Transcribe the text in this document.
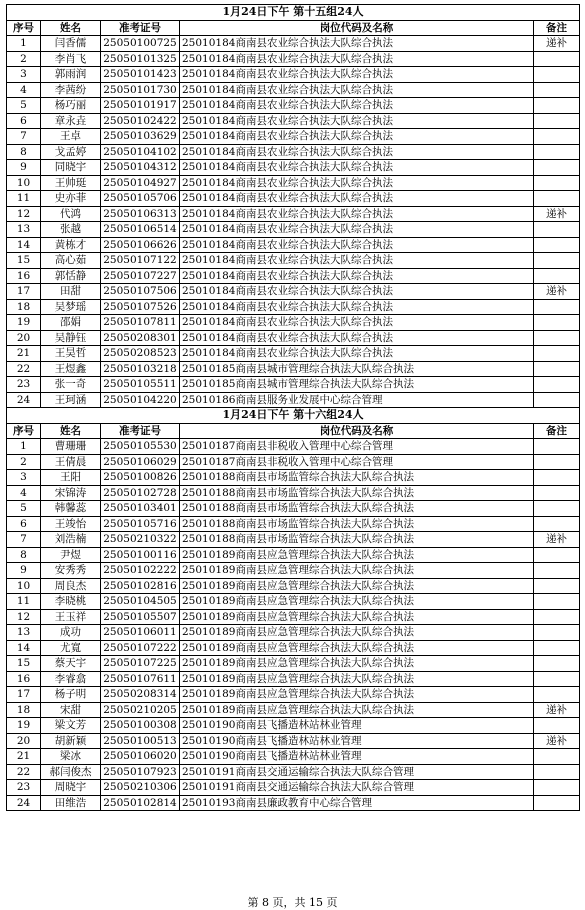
1月24日下午 第十五组24人				
序号	姓名	准考证号	岗位代码及名称	备注
1	闫香儒	25050100725	25010184商南县农业综合执法大队综合执法	递补
2	李肖飞	25050101325	25010184商南县农业综合执法大队综合执法	
3	郭雨润	25050101423	25010184商南县农业综合执法大队综合执法	
4	李茜纷	25050101730	25010184商南县农业综合执法大队综合执法	
5	杨巧丽	25050101917	25010184商南县农业综合执法大队综合执法	
6	章永垚	25050102422	25010184商南县农业综合执法大队综合执法	
7	王卓	25050103629	25010184商南县农业综合执法大队综合执法	
8	戈孟婷	25050104102	25010184商南县农业综合执法大队综合执法	
9	同晓宇	25050104312	25010184商南县农业综合执法大队综合执法	
10	王帅珽	25050104927	25010184商南县农业综合执法大队综合执法	
11	史亦菲	25050105706	25010184商南县农业综合执法大队综合执法	
12	代鸿	25050106313	25010184商南县农业综合执法大队综合执法	递补
13	张越	25050106514	25010184商南县农业综合执法大队综合执法	
14	黄栋才	25050106626	25010184商南县农业综合执法大队综合执法	
15	高心茹	25050107122	25010184商南县农业综合执法大队综合执法	
16	郭恬静	25050107227	25010184商南县农业综合执法大队综合执法	
17	田甜	25050107506	25010184商南县农业综合执法大队综合执法	递补
18	吴梦瑶	25050107526	25010184商南县农业综合执法大队综合执法	
19	邵娟	25050107811	25010184商南县农业综合执法大队综合执法	
20	吴静钰	25050208301	25010184商南县农业综合执法大队综合执法	
21	王昊哲	25050208523	25010184商南县农业综合执法大队综合执法	
22	王煜鑫	25050103218	25010185商南县城市管理综合执法大队综合执法	
23	张一奇	25050105511	25010185商南县城市管理综合执法大队综合执法	
24	王珂涵	25050104220	25010186商南县服务业发展中心综合管理	
1月24日下午 第十六组24人				
序号	姓名	准考证号	岗位代码及名称	备注
1	曹珊珊	25050105530	25010187商南县非税收入管理中心综合管理	
2	王倩晨	25050106029	25010187商南县非税收入管理中心综合管理	
3	王阳	25050100826	25010188商南县市场监管综合执法大队综合执法	
4	宋锦涛	25050102728	25010188商南县市场监管综合执法大队综合执法	
5	韩馨蕊	25050103401	25010188商南县市场监管综合执法大队综合执法	
6	王竣怡	25050105716	25010188商南县市场监管综合执法大队综合执法	
7	刘浩楠	25050210322	25010188商南县市场监管综合执法大队综合执法	递补
8	尹煜	25050100116	25010189商南县应急管理综合执法大队综合执法	
9	安秀秀	25050102222	25010189商南县应急管理综合执法大队综合执法	
10	周良杰	25050102816	25010189商南县应急管理综合执法大队综合执法	
11	李晓桃	25050104505	25010189商南县应急管理综合执法大队综合执法	
12	王玉祥	25050105507	25010189商南县应急管理综合执法大队综合执法	
13	成功	25050106011	25010189商南县应急管理综合执法大队综合执法	
14	尤寬	25050107222	25010189商南县应急管理综合执法大队综合执法	
15	蔡天宇	25050107225	25010189商南县应急管理综合执法大队综合执法	
16	李睿翕	25050107611	25010189商南县应急管理综合执法大队综合执法	
17	杨子明	25050208314	25010189商南县应急管理综合执法大队综合执法	
18	宋甜	25050210205	25010189商南县应急管理综合执法大队综合执法	递补
19	梁文芳	25050100308	25010190商南县飞播造林站林业管理	
20	胡新颖	25050100513	25010190商南县飞播造林站林业管理	递补
21	梁冰	25050106020	25010190商南县飞播造林站林业管理	
22	郝闫俊杰	25050107923	25010191商南县交通运输综合执法大队综合管理	
23	周晓宇	25050210306	25010191商南县交通运输综合执法大队综合管理	
24	田维浩	25050102814	25010193商南县廉政教育中心综合管理	
第 8 页，共 15 页
